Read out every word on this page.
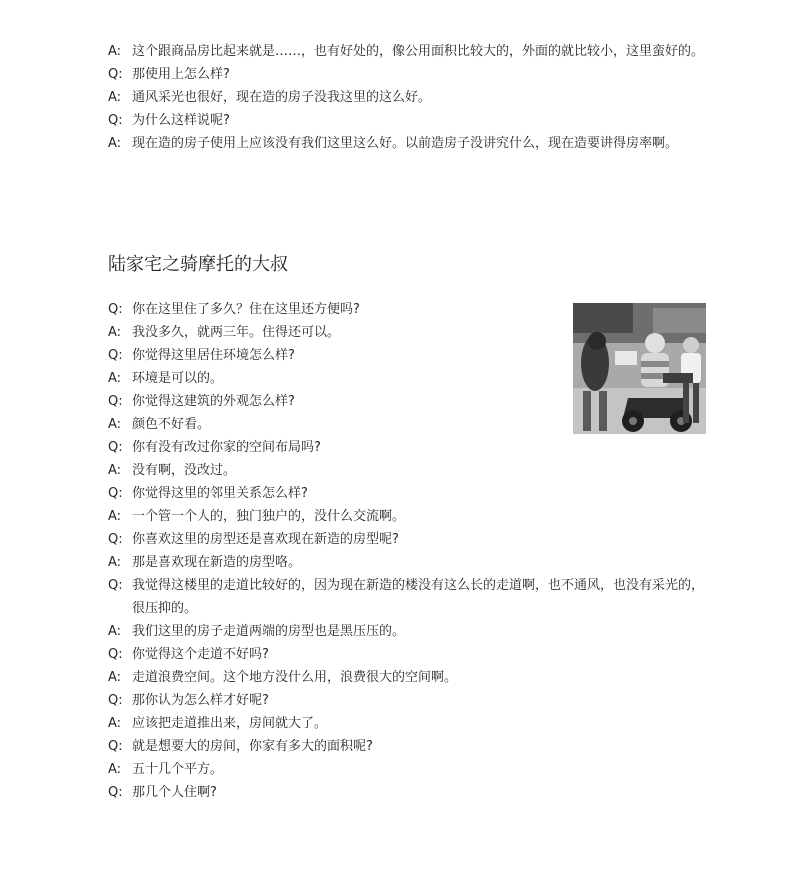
A: 这个跟商品房比起来就是……，也有好处的，像公用面积比较大的，外面的就比较小，这里蛮好的。
Q: 那使用上怎么样?
A: 通风采光也很好，现在造的房子没我这里的这么好。
Q: 为什么这样说呢?
A: 现在造的房子使用上应该没有我们这里这么好。以前造房子没讲究什么，现在造要讲得房率啊。
陆家宅之骑摩托的大叔
Q: 你在这里住了多久？住在这里还方便吗?
A: 我没多久，就两三年。住得还可以。
Q: 你觉得这里居住环境怎么样?
A: 环境是可以的。
Q: 你觉得这建筑的外观怎么样?
A: 颜色不好看。
Q: 你有没有改过你家的空间布局吗?
A: 没有啊，没改过。
Q: 你觉得这里的邻里关系怎么样?
A: 一个管一个人的，独门独户的，没什么交流啊。
Q: 你喜欢这里的房型还是喜欢现在新造的房型呢?
A: 那是喜欢现在新造的房型咯。
Q: 我觉得这楼里的走道比较好的，因为现在新造的楼没有这么长的走道啊，也不通风，也没有采光的，很压抑的。
A: 我们这里的房子走道两端的房型也是黑压压的。
Q: 你觉得这个走道不好吗?
A: 走道浪费空间。这个地方没什么用，浪费很大的空间啊。
Q: 那你认为怎么样才好呢?
A: 应该把走道推出来，房间就大了。
Q: 就是想要大的房间，你家有多大的面积呢?
A: 五十几个平方。
Q: 那几个人住啊?
